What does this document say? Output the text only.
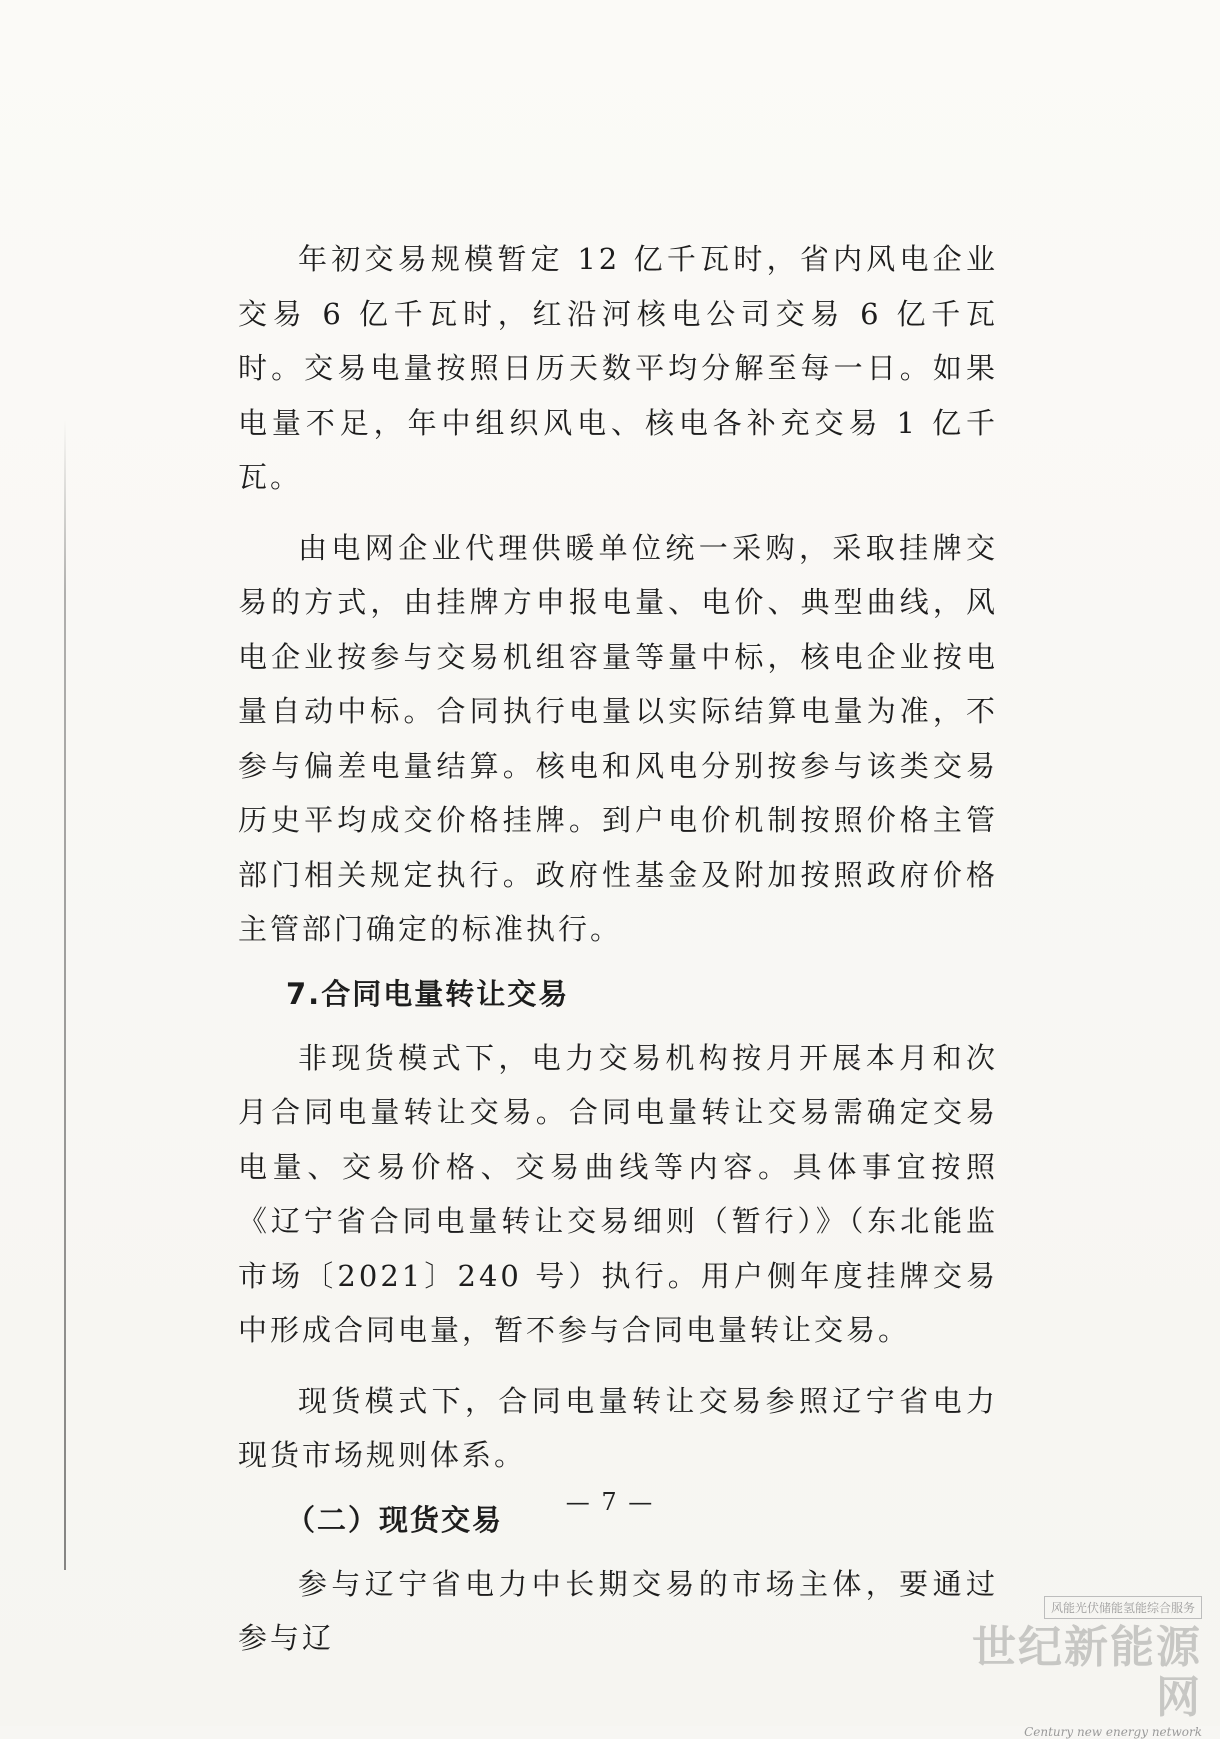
年初交易规模暂定 12 亿千瓦时，省内风电企业交易 6 亿千瓦时，红沿河核电公司交易 6 亿千瓦时。交易电量按照日历天数平均分解至每一日。如果电量不足，年中组织风电、核电各补充交易 1 亿千瓦。

由电网企业代理供暖单位统一采购，采取挂牌交易的方式，由挂牌方申报电量、电价、典型曲线，风电企业按参与交易机组容量等量中标，核电企业按电量自动中标。合同执行电量以实际结算电量为准，不参与偏差电量结算。核电和风电分别按参与该类交易历史平均成交价格挂牌。到户电价机制按照价格主管部门相关规定执行。政府性基金及附加按照政府价格主管部门确定的标准执行。

7.合同电量转让交易

非现货模式下，电力交易机构按月开展本月和次月合同电量转让交易。合同电量转让交易需确定交易电量、交易价格、交易曲线等内容。具体事宜按照《辽宁省合同电量转让交易细则（暂行）》（东北能监市场〔2021〕240 号）执行。用户侧年度挂牌交易中形成合同电量，暂不参与合同电量转让交易。

现货模式下，合同电量转让交易参照辽宁省电力现货市场规则体系。

（二）现货交易

参与辽宁省电力中长期交易的市场主体，要通过参与辽

— 7 —
风能光伏储能氢能综合服务
世纪新能源网
Century new energy network
